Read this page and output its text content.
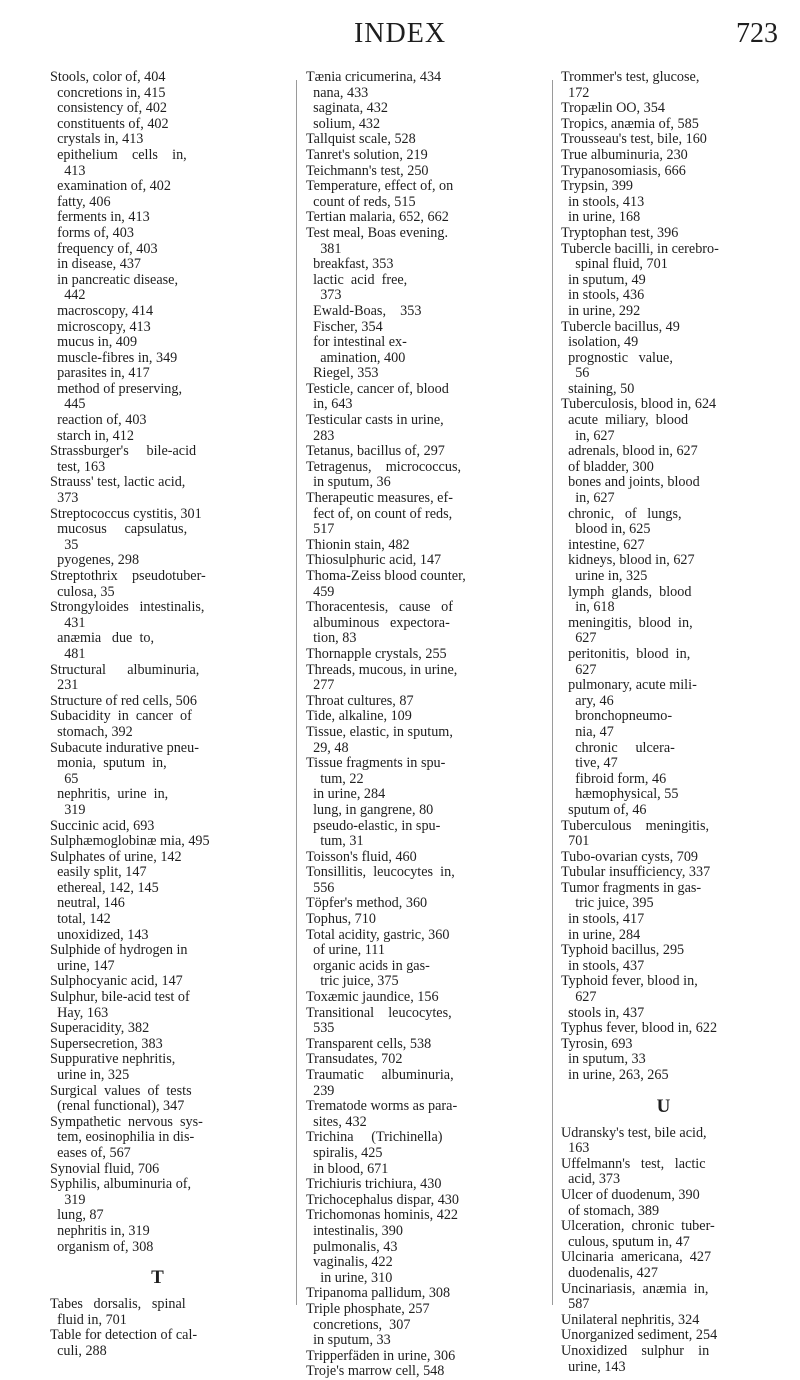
INDEX	723
Stools, color of, 404
concretions in, 415
consistency of, 402
constituents of, 402
crystals in, 413
epithelium    cells    in,
413
examination of, 402
fatty, 406
ferments in, 413
forms of, 403
frequency of, 403
in disease, 437
in pancreatic disease,
442
macroscopy, 414
microscopy, 413
mucus in, 409
muscle-fibres in, 349
parasites in, 417
method of preserving,
445
reaction of, 403
starch in, 412
Strassburger's     bile-acid
test, 163
Strauss' test, lactic acid,
373
Streptococcus cystitis, 301
mucosus     capsulatus,
35
pyogenes, 298
Streptothrix    pseudotuber-
culosa, 35
Strongyloides   intestinalis,
431
anæmia   due  to,
481
Structural      albuminuria,
231
Structure of red cells, 506
Subacidity  in  cancer  of
stomach, 392
Subacute indurative pneu-
monia,  sputum  in,
65
nephritis,  urine  in,
319
Succinic acid, 693
Sulphæmoglobinæ mia, 495
Sulphates of urine, 142
easily split, 147
ethereal, 142, 145
neutral, 146
total, 142
unoxidized, 143
Sulphide of hydrogen in
urine, 147
Sulphocyanic acid, 147
Sulphur, bile-acid test of
Hay, 163
Superacidity, 382
Supersecretion, 383
Suppurative nephritis,
urine in, 325
Surgical  values  of  tests
(renal functional), 347
Sympathetic  nervous  sys-
tem, eosinophilia in dis-
eases of, 567
Synovial fluid, 706
Syphilis, albuminuria of,
319
lung, 87
nephritis in, 319
organism of, 308
T
Tabes   dorsalis,   spinal
fluid in, 701
Table for detection of cal-
culi, 288
Tænia cricumerina, 434
nana, 433
saginata, 432
solium, 432
Tallquist scale, 528
Tanret's solution, 219
Teichmann's test, 250
Temperature, effect of, on
count of reds, 515
Tertian malaria, 652, 662
Test meal, Boas evening.
381
breakfast, 353
lactic  acid  free,
373
Ewald-Boas,    353
Fischer, 354
for intestinal ex-
amination, 400
Riegel, 353
Testicle, cancer of, blood
in, 643
Testicular casts in urine,
283
Tetanus, bacillus of, 297
Tetragenus,    micrococcus,
in sputum, 36
Therapeutic measures, ef-
fect of, on count of reds,
517
Thionin stain, 482
Thiosulphuric acid, 147
Thoma-Zeiss blood counter,
459
Thoracentesis,   cause   of
albuminous   expectora-
tion, 83
Thornapple crystals, 255
Threads, mucous, in urine,
277
Throat cultures, 87
Tide, alkaline, 109
Tissue, elastic, in sputum,
29, 48
Tissue fragments in spu-
tum, 22
in urine, 284
lung, in gangrene, 80
pseudo-elastic, in spu-
tum, 31
Toisson's fluid, 460
Tonsillitis,  leucocytes  in,
556
Töpfer's method, 360
Tophus, 710
Total acidity, gastric, 360
of urine, 111
organic acids in gas-
tric juice, 375
Toxæmic jaundice, 156
Transitional    leucocytes,
535
Transparent cells, 538
Transudates, 702
Traumatic     albuminuria,
239
Trematode worms as para-
sites, 432
Trichina     (Trichinella)
spiralis, 425
in blood, 671
Trichiuris trichiura, 430
Trichocephalus dispar, 430
Trichomonas hominis, 422
intestinalis, 390
pulmonalis, 43
vaginalis, 422
in urine, 310
Tripanoma pallidum, 308
Triple phosphate, 257
concretions,  307
in sputum, 33
Tripperfäden in urine, 306
Troje's marrow cell, 548
Trommer's test, glucose,
172
Tropælin OO, 354
Tropics, anæmia of, 585
Trousseau's test, bile, 160
True albuminuria, 230
Trypanosomiasis, 666
Trypsin, 399
in stools, 413
in urine, 168
Tryptophan test, 396
Tubercle bacilli, in cerebro-
spinal fluid, 701
in sputum, 49
in stools, 436
in urine, 292
Tubercle bacillus, 49
isolation, 49
prognostic   value,
56
staining, 50
Tuberculosis, blood in, 624
acute  miliary,  blood
in, 627
adrenals, blood in, 627
of bladder, 300
bones and joints, blood
in, 627
chronic,   of   lungs,
blood in, 625
intestine, 627
kidneys, blood in, 627
urine in, 325
lymph  glands,  blood
in, 618
meningitis,  blood  in,
627
peritonitis,  blood  in,
627
pulmonary, acute mili-
ary, 46
bronchopneumo-
nia, 47
chronic     ulcera-
tive, 47
fibroid form, 46
hæmophysical, 55
sputum of, 46
Tuberculous    meningitis,
701
Tubo-ovarian cysts, 709
Tubular insufficiency, 337
Tumor fragments in gas-
tric juice, 395
in stools, 417
in urine, 284
Typhoid bacillus, 295
in stools, 437
Typhoid fever, blood in,
627
stools in, 437
Typhus fever, blood in, 622
Tyrosin, 693
in sputum, 33
in urine, 263, 265
U
Udransky's test, bile acid,
163
Uffelmann's   test,   lactic
acid, 373
Ulcer of duodenum, 390
of stomach, 389
Ulceration,  chronic  tuber-
culous, sputum in, 47
Ulcinaria  americana,  427
duodenalis, 427
Uncinariasis,  anæmia  in,
587
Unilateral nephritis, 324
Unorganized sediment, 254
Unoxidized    sulphur    in
urine, 143
